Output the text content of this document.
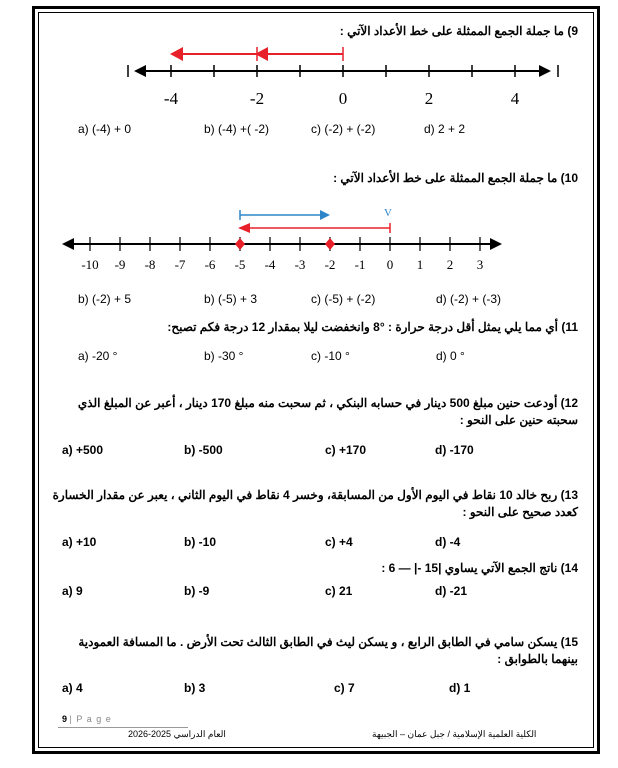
9) ما جملة الجمع الممثلة على خط الأعداد الآتي :
-4	-2	0	2	4
a) (-4) + 0	b) (-4) +( -2)	c) (-2) + (-2)	d) 2 + 2
10) ما جملة الجمع الممثلة على خط الأعداد الآتي :
V
-10 -9 -8 -7 -6 -5 -4 -3 -2 -1 0 1 2 3
b) (-2) + 5	b) (-5) + 3	c) (-5) + (-2)	d) (-2) + (-3)
11) أي مما يلي يمثل أقل درجة حرارة : °8 وانخفضت ليلا بمقدار 12 درجة فكم تصبح:
a) -20 °	b) -30 °	c) -10 °	d) 0 °
12) أودعت حنين مبلغ 500 دينار في حسابه البنكي ، ثم سحبت منه مبلغ 170 دينار ، أعبر عن المبلغ الذي سحبته حنين على النحو :
a) +500	b) -500	c) +170	d) -170
13) ربح خالد 10 نقاط في اليوم الأول من المسابقة، وخسر 4 نقاط في اليوم الثاني ، يعبر عن مقدار الخسارة كعدد صحيح على النحو :
a) +10	b) -10	c) +4	d) -4
14) ناتج الجمع الآتي يساوي |15 -| — 6 :
a) 9	b) -9	c) 21	d) -21
15) يسكن سامي في الطابق الرابع ، و يسكن ليث في الطابق الثالث تحت الأرض . ما المسافة العمودية بينهما بالطوابق :
a) 4	b) 3	c) 7	d) 1
9 | P a g e
العام الدراسي 2025-2026	الكلية العلمية الإسلامية / جبل عمان – الجبيهة
